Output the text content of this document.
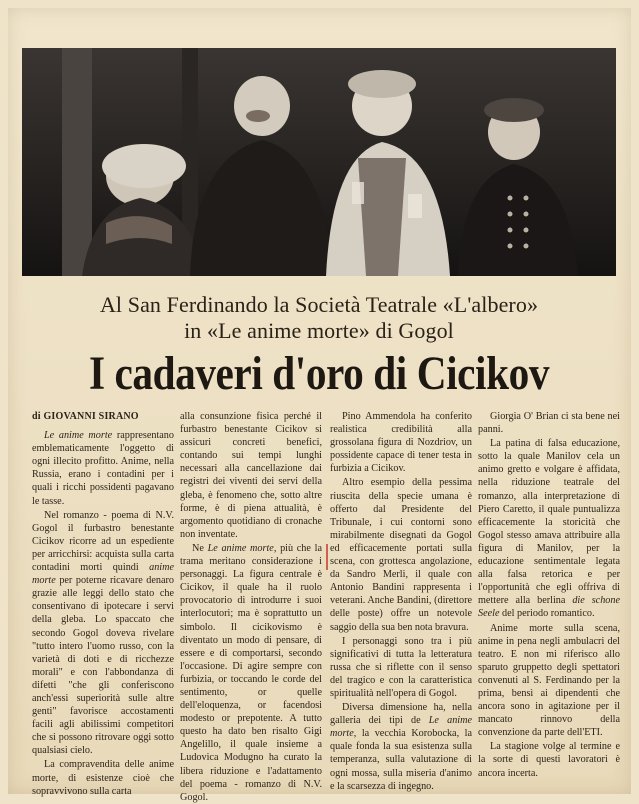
Al San Ferdinando la Società Teatrale «L'albero»
in «Le anime morte» di Gogol
I cadaveri d'oro di Cicikov
di GIOVANNI SIRANO

Le anime morte rappresentano emblematicamente l'oggetto di ogni illecito profitto. Anime, nella Russia, erano i contadini per i quali i ricchi possidenti pagavano le tasse.

Nel romanzo - poema di N.V. Gogol il furbastro benestante Cicikov ricorre ad un espediente per arricchirsi: acquista sulla carta contadini morti quindi anime morte per poterne ricavare denaro grazie alle leggi dello stato che consentivano di ipotecare i servi della gleba. Lo spaccato che secondo Gogol doveva rivelare "tutto intero l'uomo russo, con la varietà di doti e di ricchezze morali" e con l'abbondanza di difetti "che gli conferiscono anch'essi superiorità sulle altre genti" favorisce accostamenti facili agli abilissimi competitori che si possono ritrovare oggi sotto qualsiasi cielo.

La compravendita delle anime morte, di esistenze cioè che sopravvivono sulla carta

alla consunzione fisica perché il furbastro benestante Cicikov si assicuri concreti benefici, contando sui tempi lunghi necessari alla cancellazione dai registri dei viventi dei servi della gleba, è fenomeno che, sotto altre forme, è di piena attualità, è argomento quotidiano di cronache non inventate.

Ne Le anime morte, più che la trama meritano considerazione i personaggi. La figura centrale è Cicikov, il quale ha il ruolo provocatorio di introdurre i suoi interlocutori; ma è soprattutto un simbolo. Il cicikovismo è diventato un modo di pensare, di essere e di comportarsi, secondo l'occasione. Di agire sempre con furbizia, or toccando le corde del sentimento, or quelle dell'eloquenza, or facendosi modesto or prepotente. A tutto questo ha dato ben risalto Gigi Angelillo, il quale insieme a Ludovica Modugno ha curato la libera riduzione e l'adattamento del poema - romanzo di N.V. Gogol.

Pino Ammendola ha conferito realistica credibilità alla grossolana figura di Nozdriov, un possidente capace di tener testa in furbizia a Cicikov.

Altro esempio della pessima riuscita della specie umana è offerto dal Presidente del Tribunale, i cui contorni sono mirabilmente disegnati da Gogol ed efficacemente portati sulla scena, con grottesca angolazione, da Sandro Merli, il quale con Antonio Bandini rappresenta i veterani. Anche Bandini, (direttore delle poste) offre un notevole saggio della sua ben nota bravura.

I personaggi sono tra i più significativi di tutta la letteratura russa che si riflette con il senso del tragico e con la caratteristica spiritualità nell'opera di Gogol.

Diversa dimensione ha, nella galleria dei tipi de Le anime morte, la vecchia Korobocka, la quale fonda la sua esistenza sulla temperanza, sulla valutazione di ogni mossa, sulla miseria d'animo e la scarsezza di ingegno.

Giorgia O' Brian ci sta bene nei panni.

La patina di falsa educazione, sotto la quale Manilov cela un animo gretto e volgare è affidata, nella riduzione teatrale del romanzo, alla interpretazione di Piero Caretto, il quale puntualizza efficacemente la storicità che Gogol stesso amava attribuire alla figura di Manilov, per la educazione sentimentale legata alla falsa retorica e per l'opportunità che egli offriva di mettere alla berlina die schone Seele del periodo romantico.

Anime morte sulla scena, anime in pena negli ambulacri del teatro. E non mi riferisco allo sparuto gruppetto degli spettatori convenuti al S. Ferdinando per la prima, bensì ai dipendenti che ancora sono in agitazione per il mancato rinnovo della convenzione da parte dell'ETI.

La stagione volge al termine e la sorte di questi lavoratori è ancora incerta.
